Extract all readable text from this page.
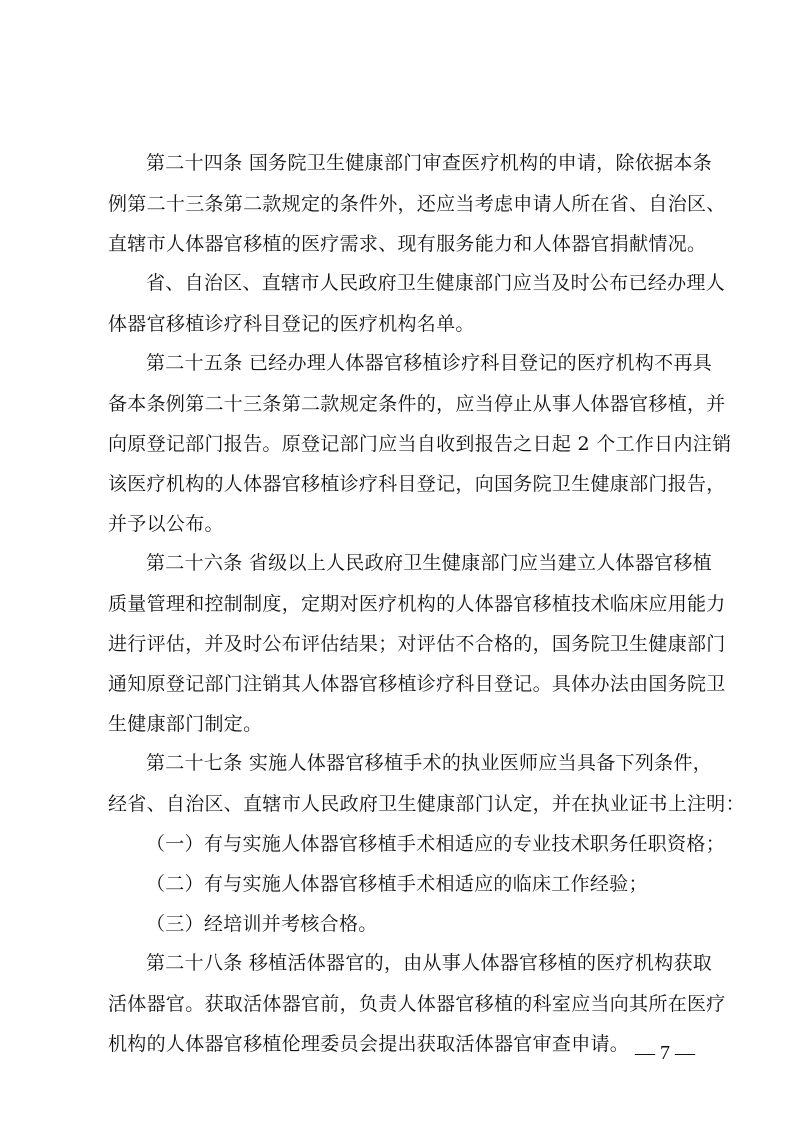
第二十四条 国务院卫生健康部门审查医疗机构的申请，除依据本条
例第二十三条第二款规定的条件外，还应当考虑申请人所在省、自治区、
直辖市人体器官移植的医疗需求、现有服务能力和人体器官捐献情况。
省、自治区、直辖市人民政府卫生健康部门应当及时公布已经办理人
体器官移植诊疗科目登记的医疗机构名单。
第二十五条 已经办理人体器官移植诊疗科目登记的医疗机构不再具
备本条例第二十三条第二款规定条件的，应当停止从事人体器官移植，并
向原登记部门报告。原登记部门应当自收到报告之日起 2 个工作日内注销
该医疗机构的人体器官移植诊疗科目登记，向国务院卫生健康部门报告，
并予以公布。
第二十六条 省级以上人民政府卫生健康部门应当建立人体器官移植
质量管理和控制制度，定期对医疗机构的人体器官移植技术临床应用能力
进行评估，并及时公布评估结果；对评估不合格的，国务院卫生健康部门
通知原登记部门注销其人体器官移植诊疗科目登记。具体办法由国务院卫
生健康部门制定。
第二十七条 实施人体器官移植手术的执业医师应当具备下列条件，
经省、自治区、直辖市人民政府卫生健康部门认定，并在执业证书上注明：
（一）有与实施人体器官移植手术相适应的专业技术职务任职资格；
（二）有与实施人体器官移植手术相适应的临床工作经验；
（三）经培训并考核合格。
第二十八条 移植活体器官的，由从事人体器官移植的医疗机构获取
活体器官。获取活体器官前，负责人体器官移植的科室应当向其所在医疗
机构的人体器官移植伦理委员会提出获取活体器官审查申请。 — 7 —
